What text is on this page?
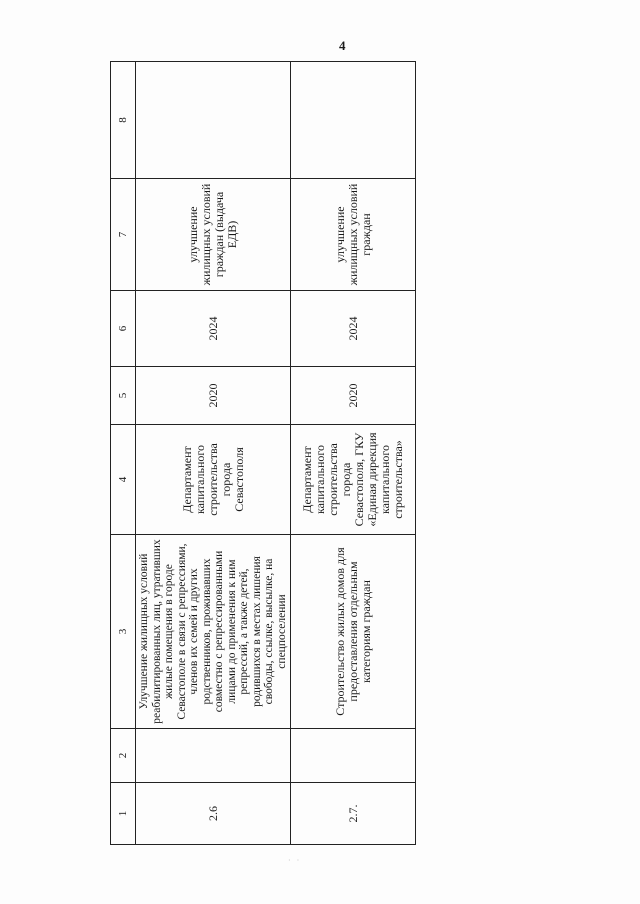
4
1	2	3	4	5	6	7	8
2.6		Улучшение жилищных условий реабилитированных лиц, утративших жилые помещения в городе Севастополе в связи с репрессиями, членов их семей и других родственников, проживавших совместно с репрессированными лицами до применения к ним репрессий, а также детей, родившихся в местах лишения свободы, ссылке, высылке, на спецпоселении	Департамент капитального строительства города Севастополя	2020	2024	улучшение жилищных условий граждан (выдача ЕДВ)	
2.7.		Строительство жилых домов для предоставления отдельным категориям граждан	Департамент капитального строительства города Севастополя, ГКУ «Единая дирекция капитального строительства»	2020	2024	улучшение жилищных условий граждан	
· ·
